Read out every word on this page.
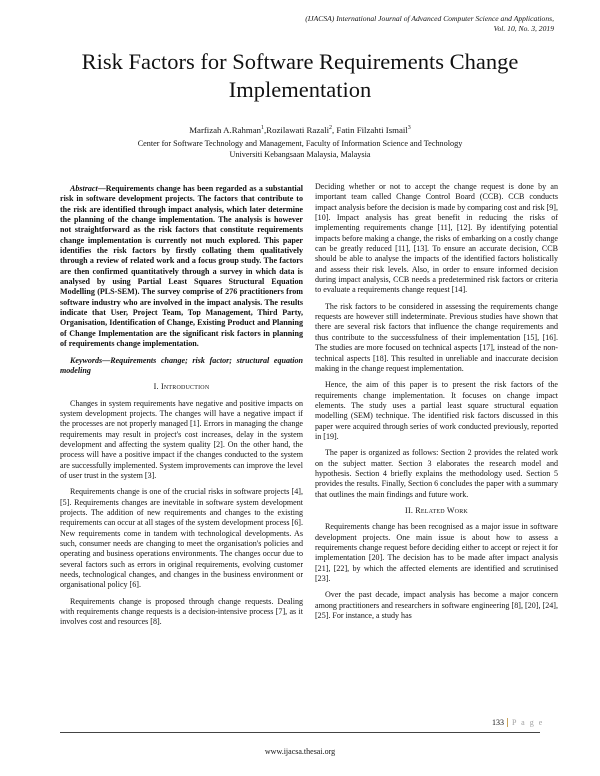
(IJACSA) International Journal of Advanced Computer Science and Applications,
Vol. 10, No. 3, 2019
Risk Factors for Software Requirements Change Implementation
Marfizah A.Rahman$^1$,Rozilawati Razali$^2$, Fatin Filzahti Ismail$^3$
Center for Software Technology and Management, Faculty of Information Science and Technology
Universiti Kebangsaan Malaysia, Malaysia

Abstract—Requirements change has been regarded as a substantial risk in software development projects. The factors that contribute to the risk are identified through impact analysis, which later determine the planning of the change implementation. The analysis is however not straightforward as the risk factors that constitute requirements change implementation is currently not much explored. This paper identifies the risk factors by firstly collating them qualitatively through a review of related work and a focus group study. The factors are then confirmed quantitatively through a survey in which data is analysed by using Partial Least Squares Structural Equation Modelling (PLS-SEM). The survey comprise of 276 practitioners from software industry who are involved in the impact analysis. The results indicate that User, Project Team, Top Management, Third Party, Organisation, Identification of Change, Existing Product and Planning of Change Implementation are the significant risk factors in planning of requirements change implementation.

Keywords—Requirements change; risk factor; structural equation modeling

I. Introduction

Changes in system requirements have negative and positive impacts on system development projects. The changes will have a negative impact if the processes are not properly managed [1]. Errors in managing the change requirements may result in project's cost increases, delay in the system development and affecting the system quality [2]. On the other hand, the process will have a positive impact if the changes conducted to the system are successfully implemented. System improvements can improve the level of user trust in the system [3].

Requirements change is one of the crucial risks in software projects [4], [5]. Requirements changes are inevitable in software system development projects. The addition of new requirements and changes to the existing requirements can occur at all stages of the system development process [6]. New requirements come in tandem with technological developments. As such, consumer needs are changing to meet the organisation's policies and operating and business operations environments. The changes occur due to several factors such as errors in original requirements, evolving customer needs, technological changes, and changes in the business environment or organisational policy [6].

Requirements change is proposed through change requests. Dealing with requirements change requests is a decision-intensive process [7], as it involves cost and resources [8].

Deciding whether or not to accept the change request is done by an important team called Change Control Board (CCB). CCB conducts impact analysis before the decision is made by comparing cost and risk [9], [10]. Impact analysis has great benefit in reducing the risks of implementing requirements change [11], [12]. By identifying potential impacts before making a change, the risks of embarking on a costly change can be greatly reduced [11], [13]. To ensure an accurate decision, CCB should be able to analyse the impacts of the identified factors holistically and assess their risk levels. Also, in order to ensure informed decision during impact analysis, CCB needs a predetermined risk factors or criteria to evaluate a requirements change request [14].

The risk factors to be considered in assessing the requirements change requests are however still indeterminate. Previous studies have shown that there are several risk factors that influence the change requirements and thus contribute to the successfulness of their implementation [15], [16]. The studies are more focused on technical aspects [17], instead of the non-technical aspects [18]. This resulted in unreliable and inaccurate decision making in the change request implementation.

Hence, the aim of this paper is to present the risk factors of the requirements change implementation. It focuses on change impact elements. The study uses a partial least square structural equation modelling (SEM) technique. The identified risk factors discussed in this paper were acquired through series of work conducted previously, reported in [19].

The paper is organized as follows: Section 2 provides the related work on the subject matter. Section 3 elaborates the research model and hypothesis. Section 4 briefly explains the methodology used. Section 5 provides the results. Finally, Section 6 concludes the paper with a summary that outlines the main findings and future work.

II. Related Work

Requirements change has been recognised as a major issue in software development projects. One main issue is about how to assess a requirements change request before deciding either to accept or reject it for implementation [20]. The decision has to be made after impact analysis [21], [22], by which the affected elements are identified and scrutinised [23].

Over the past decade, impact analysis has become a major concern among practitioners and researchers in software engineering [8], [20], [24], [25]. For instance, a study has

133 P a g e
www.ijacsa.thesai.org
